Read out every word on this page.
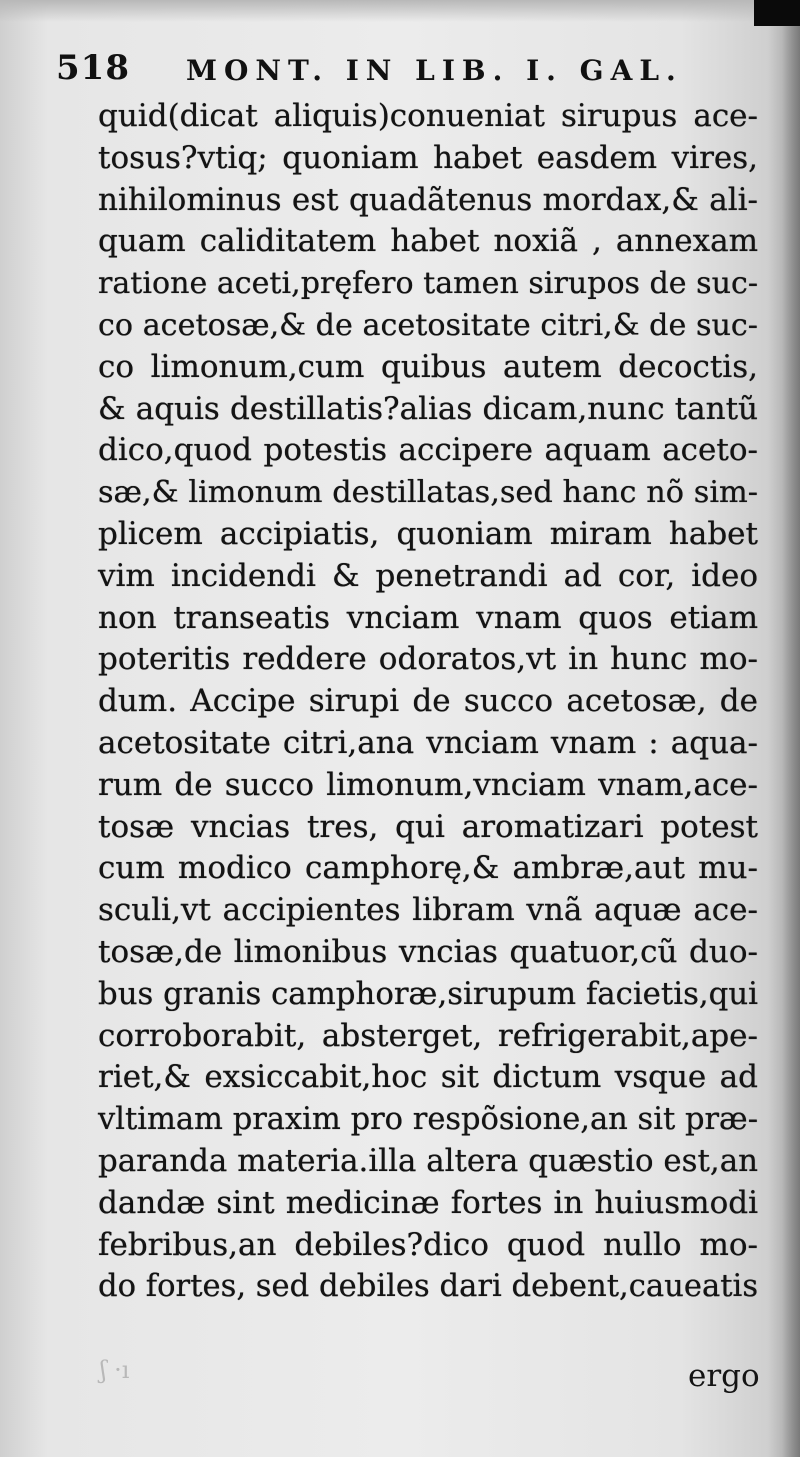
518 MONT. IN LIB. I. GAL.
quid(dicat aliquis)conueniat sirupus ace-
tosus?vtiq; quoniam habet easdem vires,
nihilominus est quadãtenus mordax,& ali-
quam caliditatem habet noxiã , annexam
ratione aceti,pręfero tamen sirupos de suc-
co acetosæ,& de acetositate citri,& de suc-
co limonum,cum quibus autem decoctis,
& aquis destillatis?alias dicam,nunc tantũ
dico,quod potestis accipere aquam aceto-
sæ,& limonum destillatas,sed hanc nõ sim-
plicem accipiatis, quoniam miram habet
vim incidendi & penetrandi ad cor, ideo
non transeatis vnciam vnam quos etiam
poteritis reddere odoratos,vt in hunc mo-
dum. Accipe sirupi de succo acetosæ, de
acetositate citri,ana vnciam vnam : aqua-
rum de succo limonum,vnciam vnam,ace-
tosæ vncias tres, qui aromatizari potest
cum modico camphorę,& ambræ,aut mu-
sculi,vt accipientes libram vnã aquæ ace-
tosæ,de limonibus vncias quatuor,cũ duo-
bus granis camphoræ,sirupum facietis,qui
corroborabit, absterget, refrigerabit,ape-
riet,& exsiccabit,hoc sit dictum vsque ad
vltimam praxim pro respõsione,an sit præ-
paranda materia.illa altera quæstio est,an
dandæ sint medicinæ fortes in huiusmodi
febribus,an debiles?dico quod nullo mo-
do fortes, sed debiles dari debent,caueatis
ʃ ·ı	ergo
